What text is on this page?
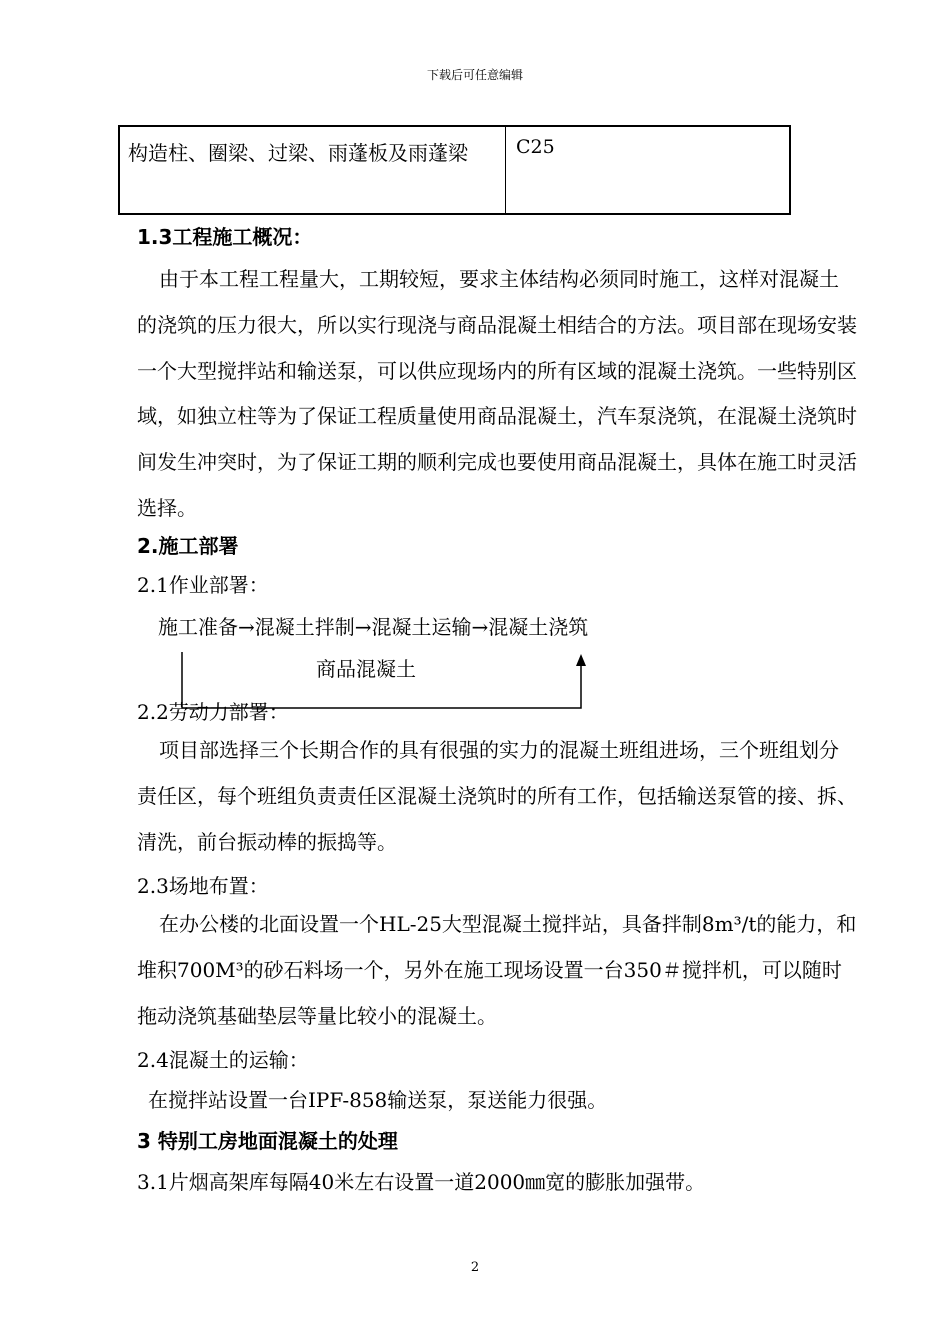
下载后可任意编辑
构造柱、圈梁、过梁、雨蓬板及雨蓬梁	C25
1.3工程施工概况：
由于本工程工程量大，工期较短，要求主体结构必须同时施工，这样对混凝土的浇筑的压力很大，所以实行现浇与商品混凝土相结合的方法。项目部在现场安装一个大型搅拌站和输送泵，可以供应现场内的所有区域的混凝土浇筑。一些特别区域，如独立柱等为了保证工程质量使用商品混凝土，汽车泵浇筑，在混凝土浇筑时间发生冲突时，为了保证工期的顺利完成也要使用商品混凝土，具体在施工时灵活选择。
2.施工部署
2.1作业部署：
施工准备→混凝土拌制→混凝土运输→混凝土浇筑
商品混凝土
2.2劳动力部署：
项目部选择三个长期合作的具有很强的实力的混凝土班组进场，三个班组划分责任区，每个班组负责责任区混凝土浇筑时的所有工作，包括输送泵管的接、拆、清洗，前台振动棒的振捣等。
2.3场地布置：
在办公楼的北面设置一个HL-25大型混凝土搅拌站，具备拌制8m³/t的能力，和堆积700M³的砂石料场一个，另外在施工现场设置一台350＃搅拌机，可以随时拖动浇筑基础垫层等量比较小的混凝土。
2.4混凝土的运输：
在搅拌站设置一台IPF-858输送泵，泵送能力很强。
3 特别工房地面混凝土的处理
3.1片烟高架库每隔40米左右设置一道2000㎜宽的膨胀加强带。
2
